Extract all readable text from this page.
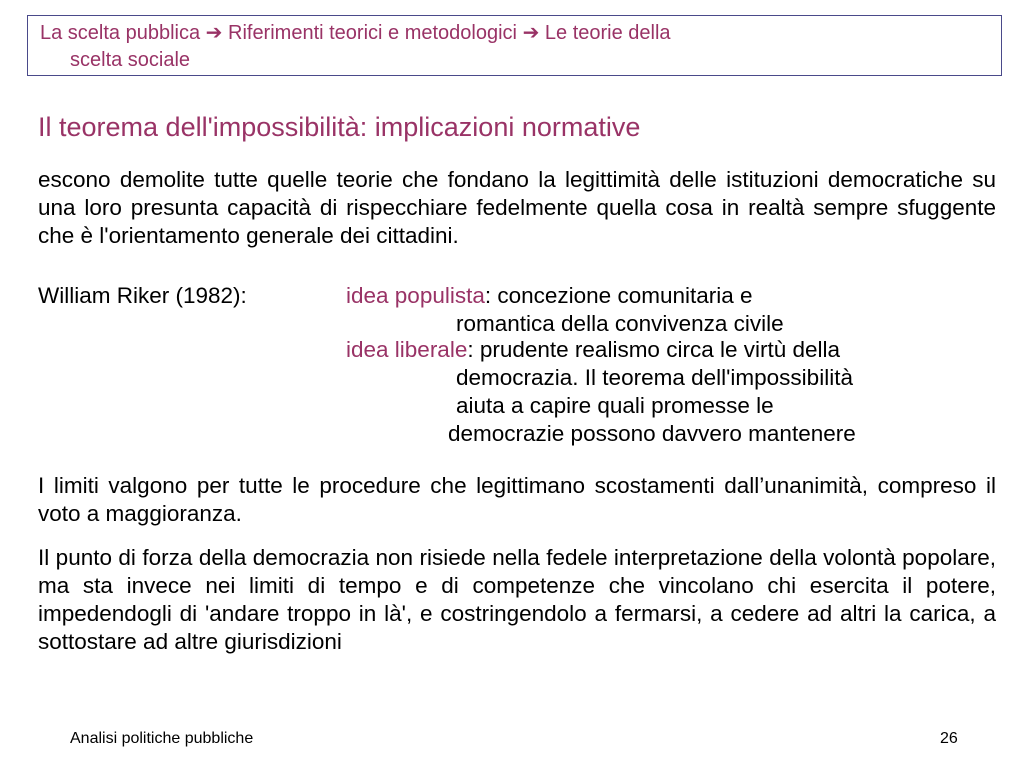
La scelta pubblica ➔ Riferimenti teorici e metodologici ➔ Le teorie della
scelta sociale

Il teorema dell'impossibilità: implicazioni normative

escono demolite tutte quelle teorie che fondano la legittimità delle istituzioni democratiche su una loro presunta capacità di rispecchiare fedelmente quella cosa in realtà sempre sfuggente che è l'orientamento generale dei cittadini.

William Riker (1982):	idea populista: concezione comunitaria e
romantica della convivenza civile
idea liberale: prudente realismo circa le virtù della
democrazia. Il teorema dell'impossibilità
aiuta a capire quali promesse le
democrazie possono davvero mantenere

I limiti valgono per tutte le procedure che legittimano scostamenti dall’unanimità, compreso il voto a maggioranza.

Il punto di forza della democrazia non risiede nella fedele interpretazione della volontà popolare, ma sta invece nei limiti di tempo e di competenze che vincolano chi esercita il potere, impedendogli di 'andare troppo in là', e costringendolo a fermarsi, a cedere ad altri la carica, a sottostare ad altre giurisdizioni

Analisi politiche pubbliche	26
